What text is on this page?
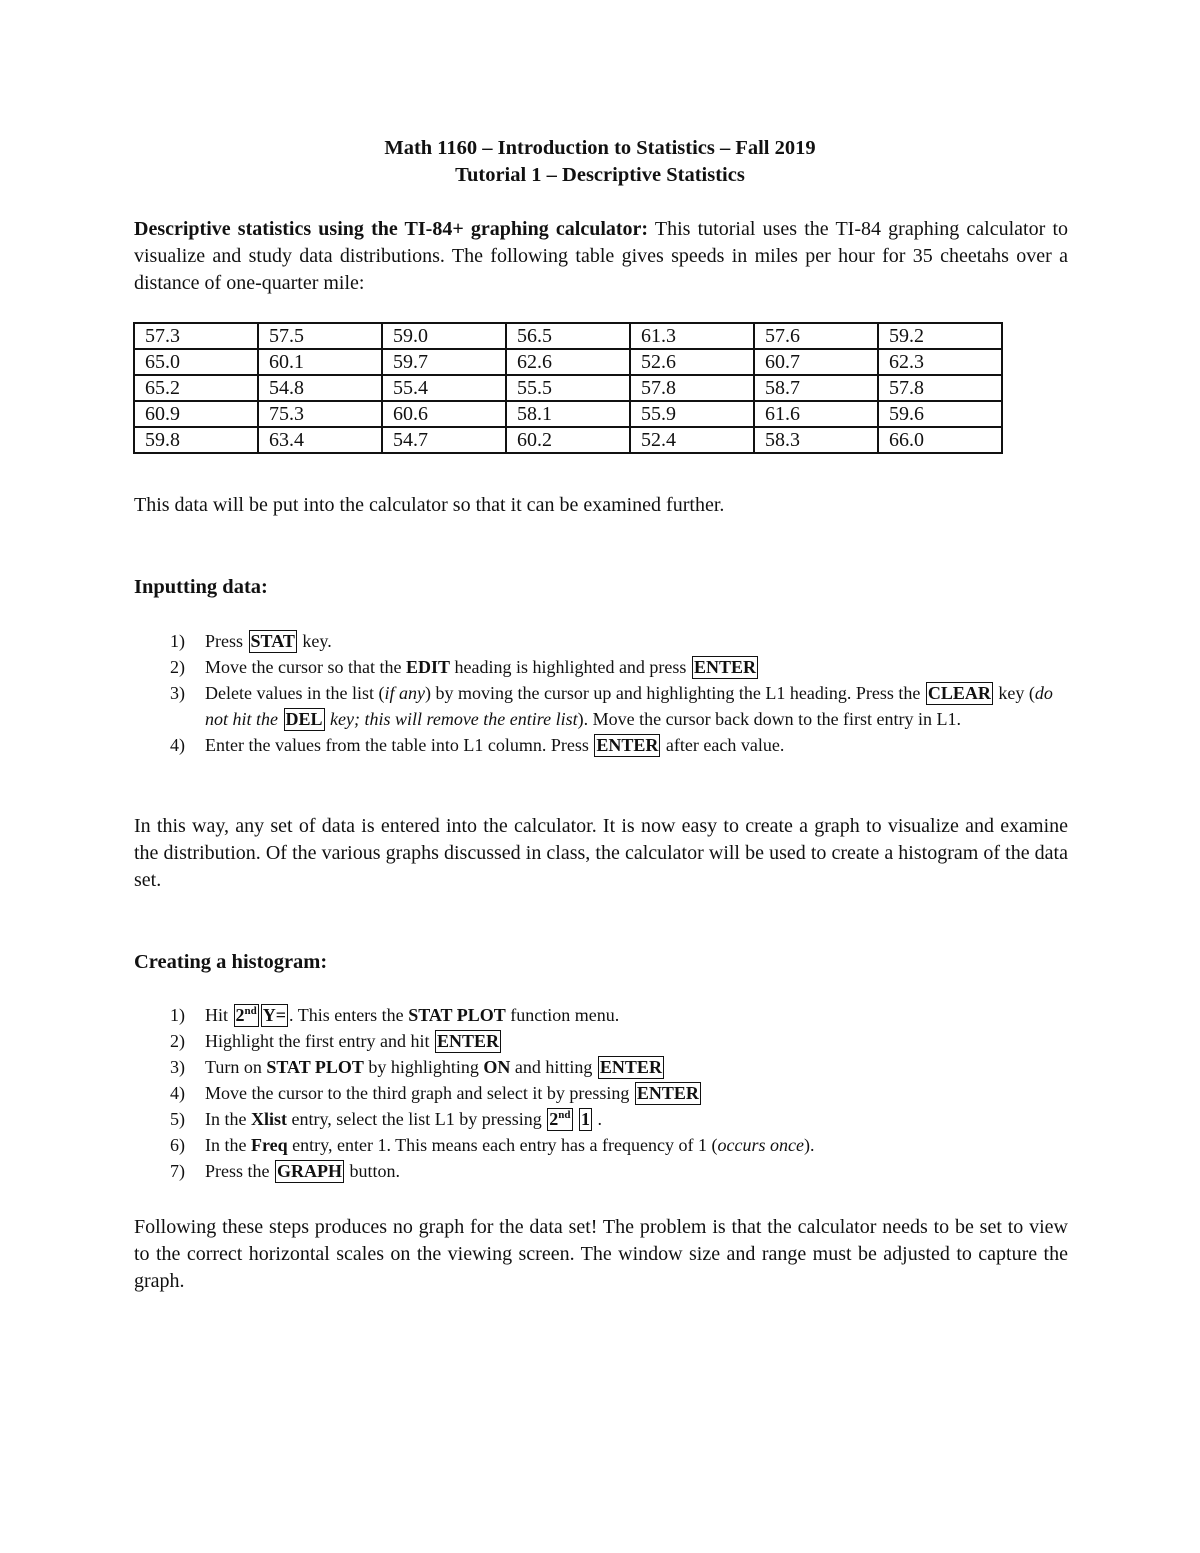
Math 1160 – Introduction to Statistics – Fall 2019
Tutorial 1 – Descriptive Statistics
Descriptive statistics using the TI-84+ graphing calculator: This tutorial uses the TI-84 graphing calculator to visualize and study data distributions. The following table gives speeds in miles per hour for 35 cheetahs over a distance of one-quarter mile:
57.3	57.5	59.0	56.5	61.3	57.6	59.2
65.0	60.1	59.7	62.6	52.6	60.7	62.3
65.2	54.8	55.4	55.5	57.8	58.7	57.8
60.9	75.3	60.6	58.1	55.9	61.6	59.6
59.8	63.4	54.7	60.2	52.4	58.3	66.0
This data will be put into the calculator so that it can be examined further.
Inputting data:
1) Press STAT key.
2) Move the cursor so that the EDIT heading is highlighted and press ENTER
3) Delete values in the list (if any) by moving the cursor up and highlighting the L1 heading. Press the CLEAR key (do not hit the DEL key; this will remove the entire list). Move the cursor back down to the first entry in L1.
4) Enter the values from the table into L1 column. Press ENTER after each value.
In this way, any set of data is entered into the calculator. It is now easy to create a graph to visualize and examine the distribution. Of the various graphs discussed in class, the calculator will be used to create a histogram of the data set.
Creating a histogram:
1) Hit 2nd Y= . This enters the STAT PLOT function menu.
2) Highlight the first entry and hit ENTER
3) Turn on STAT PLOT by highlighting ON and hitting ENTER
4) Move the cursor to the third graph and select it by pressing ENTER
5) In the Xlist entry, select the list L1 by pressing 2nd 1 .
6) In the Freq entry, enter 1. This means each entry has a frequency of 1 (occurs once).
7) Press the GRAPH button.
Following these steps produces no graph for the data set! The problem is that the calculator needs to be set to view to the correct horizontal scales on the viewing screen. The window size and range must be adjusted to capture the graph.
